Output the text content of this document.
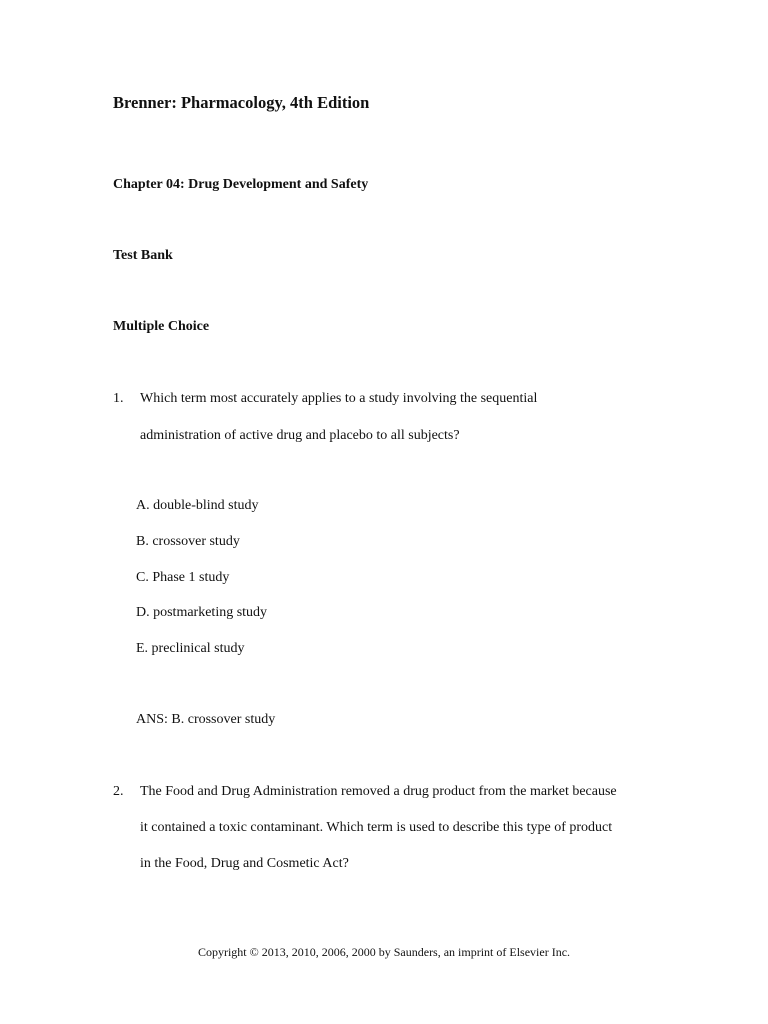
Brenner: Pharmacology, 4th Edition
Chapter 04: Drug Development and Safety
Test Bank
Multiple Choice
1. Which term most accurately applies to a study involving the sequential
administration of active drug and placebo to all subjects?
A. double-blind study
B. crossover study
C. Phase 1 study
D. postmarketing study
E. preclinical study
ANS: B. crossover study
2. The Food and Drug Administration removed a drug product from the market because
it contained a toxic contaminant. Which term is used to describe this type of product
in the Food, Drug and Cosmetic Act?
Copyright © 2013, 2010, 2006, 2000 by Saunders, an imprint of Elsevier Inc.
